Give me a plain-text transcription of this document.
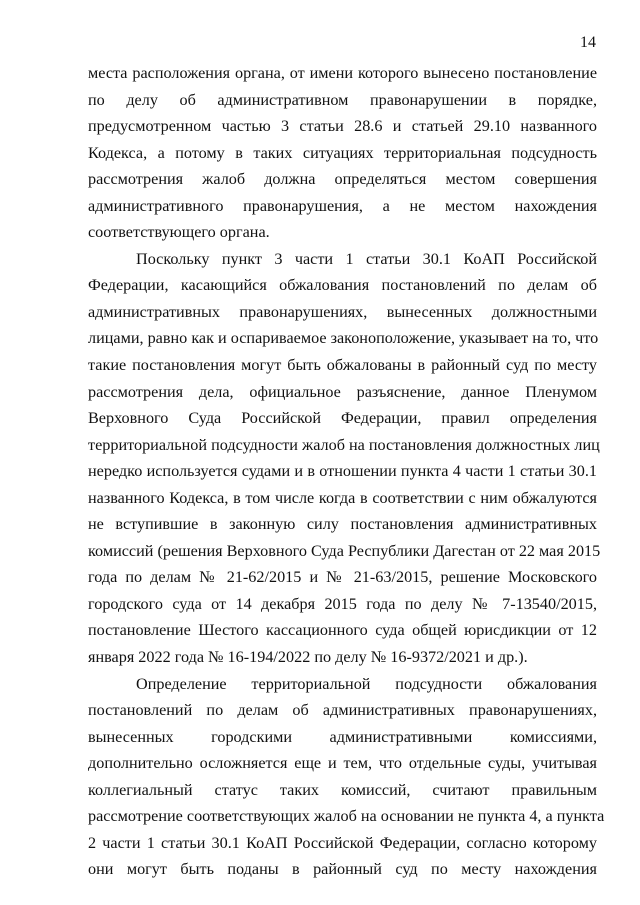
14
места расположения органа, от имени которого вынесено постановление
по делу об административном правонарушении в порядке,
предусмотренном частью 3 статьи 28.6 и статьей 29.10 названного
Кодекса, а потому в таких ситуациях территориальная подсудность
рассмотрения жалоб должна определяться местом совершения
административного правонарушения, а не местом нахождения
соответствующего органа.
Поскольку пункт 3 части 1 статьи 30.1 КоАП Российской
Федерации, касающийся обжалования постановлений по делам об
административных правонарушениях, вынесенных должностными
лицами, равно как и оспариваемое законоположение, указывает на то, что
такие постановления могут быть обжалованы в районный суд по месту
рассмотрения дела, официальное разъяснение, данное Пленумом
Верховного Суда Российской Федерации, правил определения
территориальной подсудности жалоб на постановления должностных лиц
нередко используется судами и в отношении пункта 4 части 1 статьи 30.1
названного Кодекса, в том числе когда в соответствии с ним обжалуются
не вступившие в законную силу постановления административных
комиссий (решения Верховного Суда Республики Дагестан от 22 мая 2015
года по делам № 21-62/2015 и № 21-63/2015, решение Московского
городского суда от 14 декабря 2015 года по делу № 7-13540/2015,
постановление Шестого кассационного суда общей юрисдикции от 12
января 2022 года № 16-194/2022 по делу № 16-9372/2021 и др.).
Определение территориальной подсудности обжалования
постановлений по делам об административных правонарушениях,
вынесенных городскими административными комиссиями,
дополнительно осложняется еще и тем, что отдельные суды, учитывая
коллегиальный статус таких комиссий, считают правильным
рассмотрение соответствующих жалоб на основании не пункта 4, а пункта
2 части 1 статьи 30.1 КоАП Российской Федерации, согласно которому
они могут быть поданы в районный суд по месту нахождения
